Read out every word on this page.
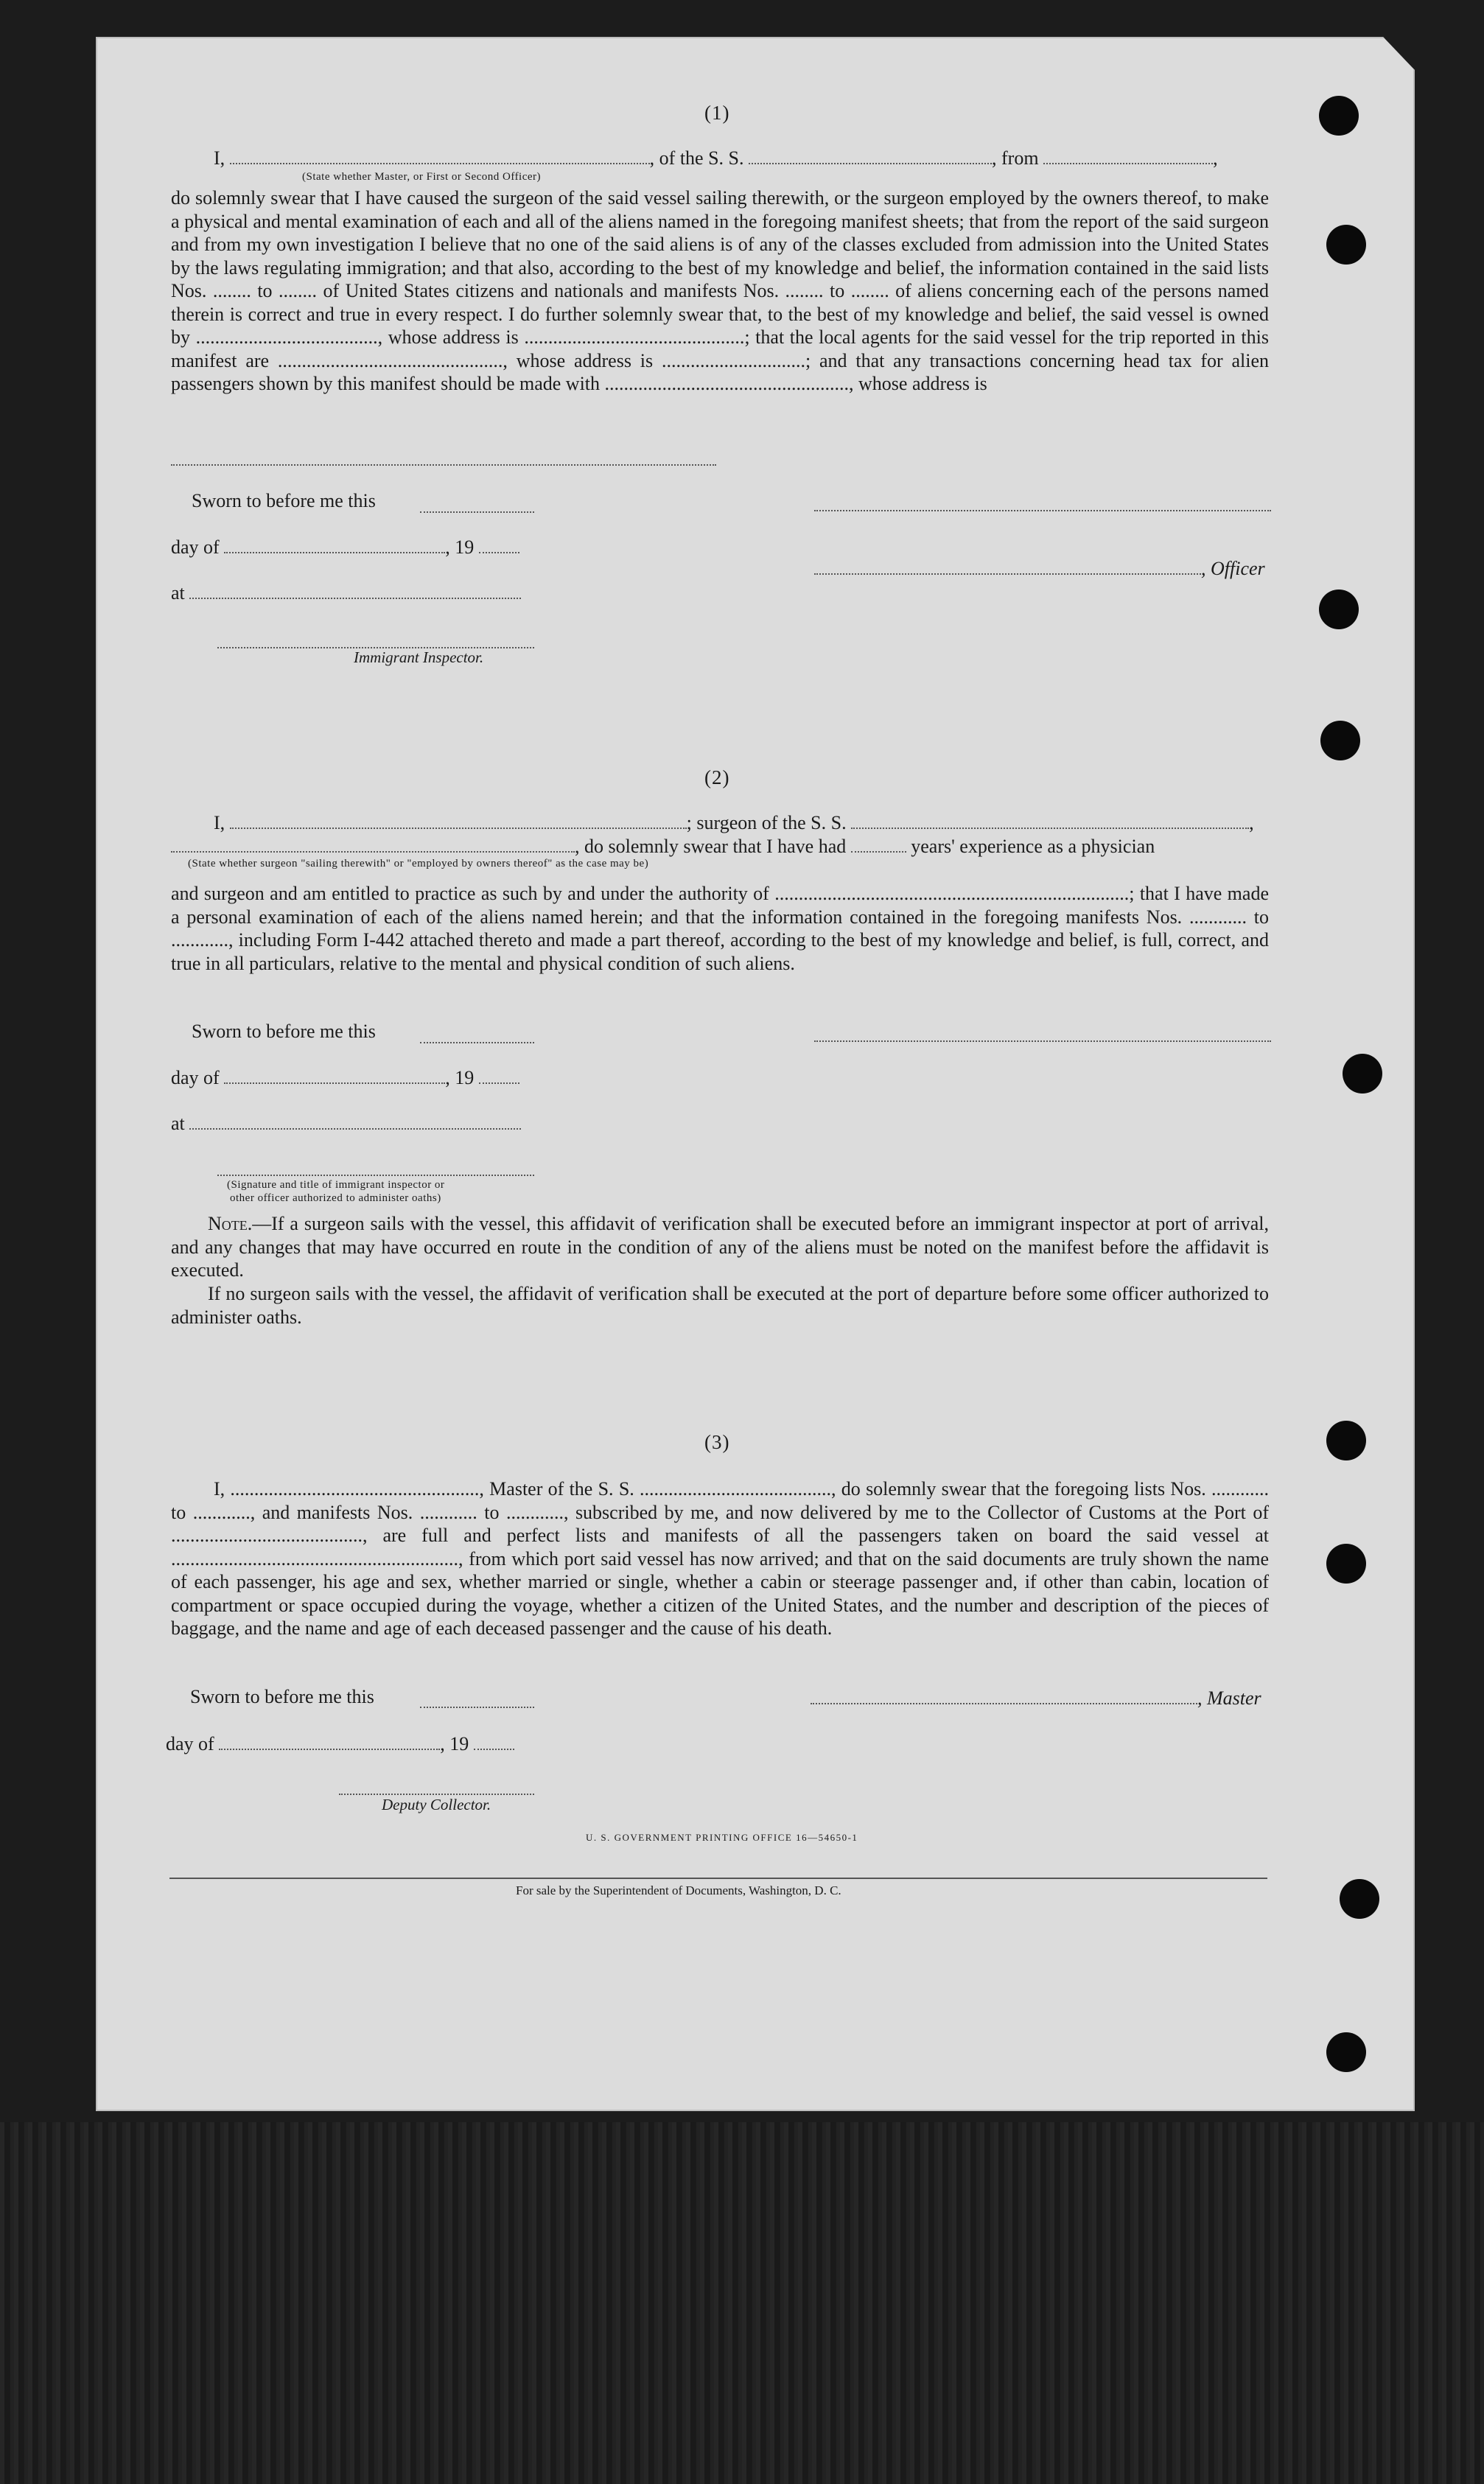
(1)
I,	, of the S. S.	, from	,
(State whether Master, or First or Second Officer)
do solemnly swear that I have caused the surgeon of the said vessel sailing therewith, or the surgeon employed by the owners thereof, to make a physical and mental examination of each and all of the aliens named in the foregoing manifest sheets; that from the report of the said surgeon and from my own investigation I believe that no one of the said aliens is of any of the classes excluded from admission into the United States by the laws regulating immigration; and that also, according to the best of my knowledge and belief, the information contained in the said lists Nos. ........ to ........ of United States citizens and nationals and manifests Nos. ........ to ........ of aliens concerning each of the persons named therein is correct and true in every respect. I do further solemnly swear that, to the best of my knowledge and belief, the said vessel is owned by ......................................, whose address is ..............................................; that the local agents for the said vessel for the trip reported in this manifest are ..............................................., whose address is ..............................; and that any transactions concerning head tax for alien passengers shown by this manifest should be made with ..................................................., whose address is
Sworn to before me this
day of	, 19
, Officer
at
Immigrant Inspector.
(2)
I,	; surgeon of the S. S.	,
, do solemnly swear that I have had	years' experience as a physician
(State whether surgeon "sailing therewith" or "employed by owners thereof" as the case may be)
and surgeon and am entitled to practice as such by and under the authority of ..........................................................................; that I have made a personal examination of each of the aliens named herein; and that the information contained in the foregoing manifests Nos. ............ to ............, including Form I-442 attached thereto and made a part thereof, according to the best of my knowledge and belief, is full, correct, and true in all particulars, relative to the mental and physical condition of such aliens.
Sworn to before me this
day of	, 19
at
(Signature and title of immigrant inspector or
other officer authorized to administer oaths)
Note.—If a surgeon sails with the vessel, this affidavit of verification shall be executed before an immigrant inspector at port of arrival, and any changes that may have occurred en route in the condition of any of the aliens must be noted on the manifest before the affidavit is executed.
If no surgeon sails with the vessel, the affidavit of verification shall be executed at the port of departure before some officer authorized to administer oaths.
(3)
I, ...................................................., Master of the S. S. ........................................, do solemnly swear that the foregoing lists Nos. ............ to ............, and manifests Nos. ............ to ............, subscribed by me, and now delivered by me to the Collector of Customs at the Port of ........................................, are full and perfect lists and manifests of all the passengers taken on board the said vessel at ............................................................, from which port said vessel has now arrived; and that on the said documents are truly shown the name of each passenger, his age and sex, whether married or single, whether a cabin or steerage passenger and, if other than cabin, location of compartment or space occupied during the voyage, whether a citizen of the United States, and the number and description of the pieces of baggage, and the name and age of each deceased passenger and the cause of his death.
Sworn to before me this	, Master
day of	, 19
Deputy Collector.
U. S. GOVERNMENT PRINTING OFFICE 16—54650-1
For sale by the Superintendent of Documents, Washington, D. C.
